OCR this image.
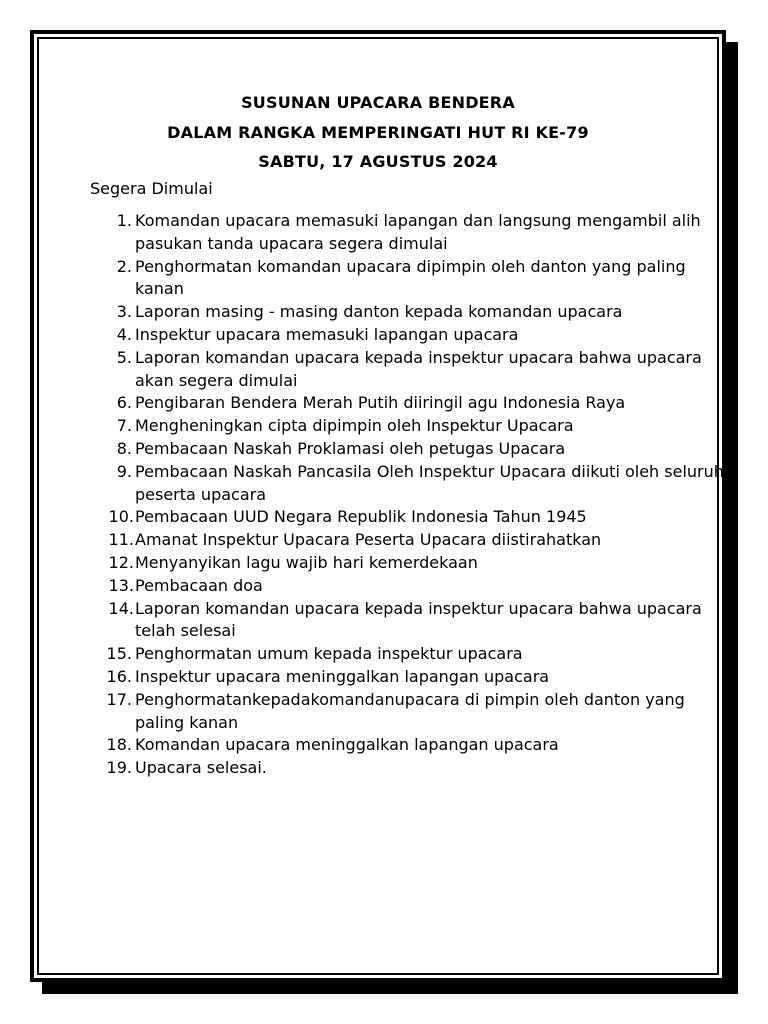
SUSUNAN UPACARA BENDERA
DALAM RANGKA MEMPERINGATI HUT RI KE-79
SABTU, 17 AGUSTUS 2024
Segera Dimulai
1. Komandan upacara memasuki lapangan dan langsung mengambil alih pasukan tanda upacara segera dimulai
2. Penghormatan komandan upacara dipimpin oleh danton yang paling kanan
3. Laporan masing - masing danton kepada komandan upacara
4. Inspektur upacara memasuki lapangan upacara
5. Laporan komandan upacara kepada inspektur upacara bahwa upacara akan segera dimulai
6. Pengibaran Bendera Merah Putih diiringil agu Indonesia Raya
7. Mengheningkan cipta dipimpin oleh Inspektur Upacara
8. Pembacaan Naskah Proklamasi oleh petugas Upacara
9. Pembacaan Naskah Pancasila Oleh Inspektur Upacara diikuti oleh seluruh peserta upacara
10. Pembacaan UUD Negara Republik Indonesia Tahun 1945
11. Amanat Inspektur Upacara Peserta Upacara diistirahatkan
12. Menyanyikan lagu wajib hari kemerdekaan
13. Pembacaan doa
14. Laporan komandan upacara kepada inspektur upacara bahwa upacara telah selesai
15. Penghormatan umum kepada inspektur upacara
16. Inspektur upacara meninggalkan lapangan upacara
17. Penghormatankepadakomandanupacara di pimpin oleh danton yang paling kanan
18. Komandan upacara meninggalkan lapangan upacara
19. Upacara selesai.
